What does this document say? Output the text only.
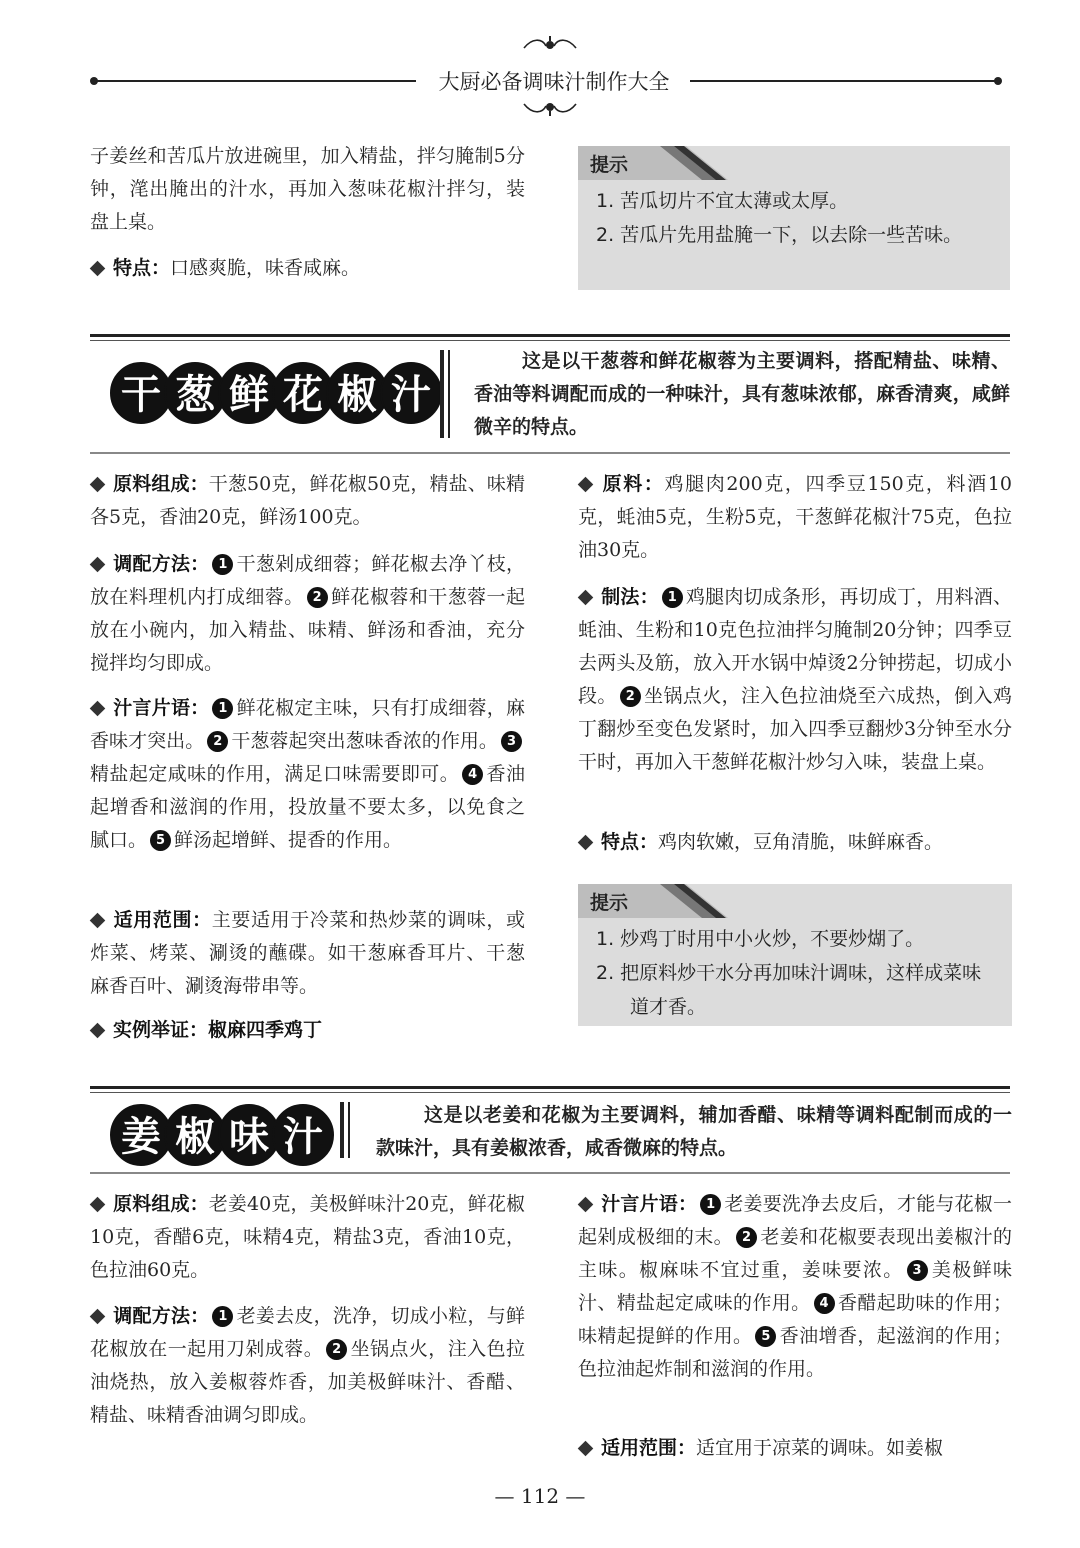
大厨必备调味汁制作大全
子姜丝和苦瓜片放进碗里，加入精盐，拌匀腌制5分钟，滗出腌出的汁水，再加入葱味花椒汁拌匀，装盘上桌。
特点：口感爽脆，味香咸麻。
提示
1. 苦瓜切片不宜太薄或太厚。
2. 苦瓜片先用盐腌一下，以去除一些苦味。
干 葱 鲜 花 椒 汁
这是以干葱蓉和鲜花椒蓉为主要调料，搭配精盐、味精、香油等料调配而成的一种味汁，具有葱味浓郁，麻香清爽，咸鲜微辛的特点。
原料组成：干葱50克，鲜花椒50克，精盐、味精各5克，香油20克，鲜汤100克。
调配方法： 1 干葱剁成细蓉；鲜花椒去净丫枝，放在料理机内打成细蓉。 2 鲜花椒蓉和干葱蓉一起放在小碗内，加入精盐、味精、鲜汤和香油，充分搅拌均匀即成。
汁言片语： 1 鲜花椒定主味，只有打成细蓉，麻香味才突出。 2 干葱蓉起突出葱味香浓的作用。 3精盐起定咸味的作用，满足口味需要即可。 4 香油起增香和滋润的作用，投放量不要太多，以免食之腻口。 5 鲜汤起增鲜、提香的作用。
适用范围：主要适用于冷菜和热炒菜的调味，或炸菜、烤菜、涮烫的蘸碟。如干葱麻香耳片、干葱麻香百叶、涮烫海带串等。
实例举证：椒麻四季鸡丁
原料：鸡腿肉200克，四季豆150克，料酒10克，蚝油5克，生粉5克，干葱鲜花椒汁75克，色拉油30克。
制法： 1 鸡腿肉切成条形，再切成丁，用料酒、蚝油、生粉和10克色拉油拌匀腌制20分钟；四季豆去两头及筋，放入开水锅中焯烫2分钟捞起，切成小段。 2 坐锅点火，注入色拉油烧至六成热，倒入鸡丁翻炒至变色发紧时，加入四季豆翻炒3分钟至水分干时，再加入干葱鲜花椒汁炒匀入味，装盘上桌。
特点：鸡肉软嫩，豆角清脆，味鲜麻香。
提示
1. 炒鸡丁时用中小火炒，不要炒煳了。
2. 把原料炒干水分再加味汁调味，这样成菜味道才香。
姜 椒 味 汁	这是以老姜和花椒为主要调料，辅加香醋、味精等调料配制而成的一款味汁，具有姜椒浓香，咸香微麻的特点。
原料组成：老姜40克，美极鲜味汁20克，鲜花椒10克，香醋6克，味精4克，精盐3克，香油10克，色拉油60克。
调配方法： 1 老姜去皮，洗净，切成小粒，与鲜花椒放在一起用刀剁成蓉。 2 坐锅点火，注入色拉油烧热，放入姜椒蓉炸香，加美极鲜味汁、香醋、精盐、味精香油调匀即成。
汁言片语： 1 老姜要洗净去皮后，才能与花椒一起剁成极细的末。 2 老姜和花椒要表现出姜椒汁的主味。椒麻味不宜过重，姜味要浓。 3 美极鲜味汁、精盐起定咸味的作用。 4 香醋起助味的作用；味精起提鲜的作用。 5 香油增香，起滋润的作用；色拉油起炸制和滋润的作用。
适用范围：适宜用于凉菜的调味。如姜椒
— 112 —
